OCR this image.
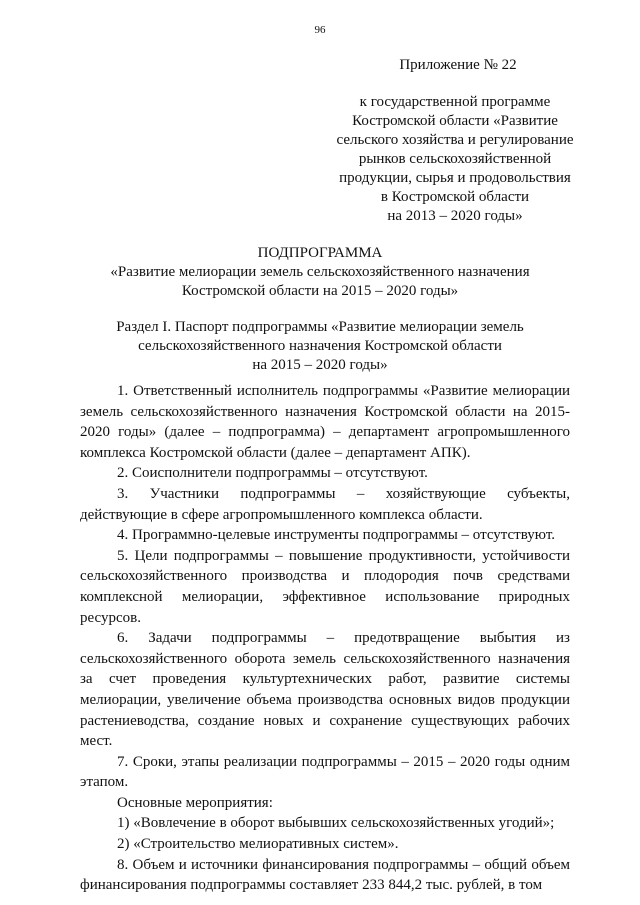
96
Приложение № 22
к государственной программе
Костромской области «Развитие
сельского хозяйства и регулирование
рынков сельскохозяйственной
продукции, сырья и продовольствия
в Костромской области
на 2013 – 2020 годы»
ПОДПРОГРАММА
«Развитие мелиорации земель сельскохозяйственного назначения
Костромской области на 2015 – 2020 годы»
Раздел I. Паспорт подпрограммы «Развитие мелиорации земель
сельскохозяйственного назначения Костромской области
на 2015 – 2020 годы»

1. Ответственный исполнитель подпрограммы «Развитие мелиорации земель сельскохозяйственного назначения Костромской области на 2015-2020 годы» (далее – подпрограмма) – департамент агропромышленного комплекса Костромской области (далее – департамент АПК).

2. Соисполнители подпрограммы – отсутствуют.

3. Участники подпрограммы – хозяйствующие субъекты, действующие в сфере агропромышленного комплекса области.

4. Программно-целевые инструменты подпрограммы – отсутствуют.

5. Цели подпрограммы – повышение продуктивности, устойчивости сельскохозяйственного производства и плодородия почв средствами комплексной мелиорации, эффективное использование природных ресурсов.

6. Задачи подпрограммы – предотвращение выбытия из сельскохозяйственного оборота земель сельскохозяйственного назначения за счет проведения культуртехнических работ, развитие системы мелиорации, увеличение объема производства основных видов продукции растениеводства, создание новых и сохранение существующих рабочих мест.

7. Сроки, этапы реализации подпрограммы – 2015 – 2020 годы одним этапом.

Основные мероприятия:

1) «Вовлечение в оборот выбывших сельскохозяйственных угодий»;

2) «Строительство мелиоративных систем».

8. Объем и источники финансирования подпрограммы – общий объем финансирования подпрограммы составляет 233 844,2 тыс. рублей, в том
